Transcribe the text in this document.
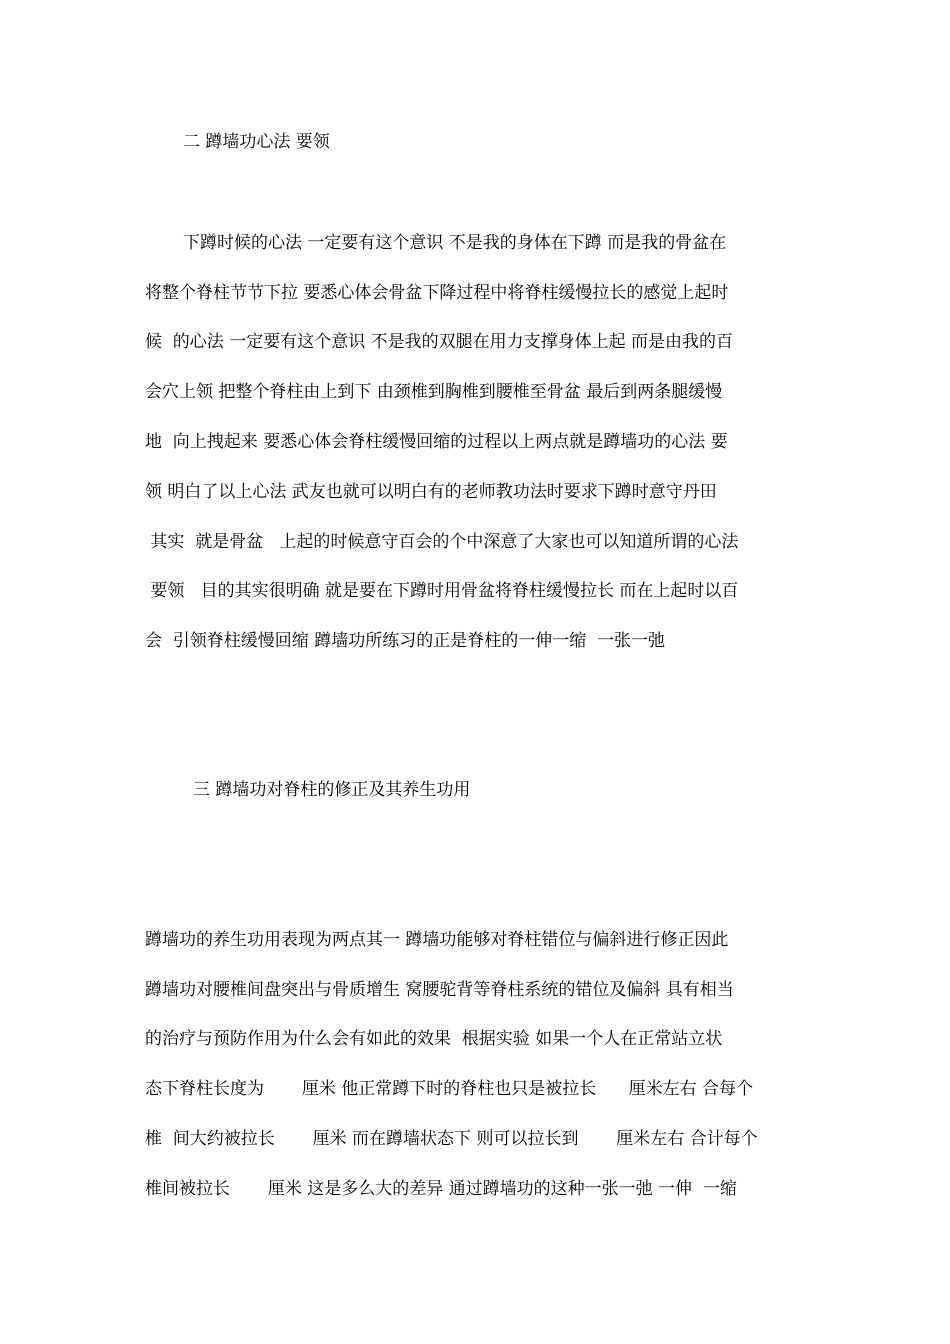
二 蹲墙功心法 要领
下蹲时候的心法 一定要有这个意识 不是我的身体在下蹲 而是我的骨盆在
将整个脊柱节节下拉 要悉心体会骨盆下降过程中将脊柱缓慢拉长的感觉上起时
候  的心法 一定要有这个意识 不是我的双腿在用力支撑身体上起 而是由我的百
会穴上领 把整个脊柱由上到下 由颈椎到胸椎到腰椎至骨盆 最后到两条腿缓慢
地  向上拽起来 要悉心体会脊柱缓慢回缩的过程以上两点就是蹲墙功的心法 要
领 明白了以上心法 武友也就可以明白有的老师教功法时要求下蹲时意守丹田
其实  就是骨盆   上起的时候意守百会的个中深意了大家也可以知道所谓的心法
要领   目的其实很明确 就是要在下蹲时用骨盆将脊柱缓慢拉长 而在上起时以百
会  引领脊柱缓慢回缩 蹲墙功所练习的正是脊柱的一伸一缩  一张一弛
三 蹲墙功对脊柱的修正及其养生功用
蹲墙功的养生功用表现为两点其一 蹲墙功能够对脊柱错位与偏斜进行修正因此
蹲墙功对腰椎间盘突出与骨质增生 窝腰驼背等脊柱系统的错位及偏斜 具有相当
的治疗与预防作用为什么会有如此的效果  根据实验 如果一个人在正常站立状
态下脊柱长度为       厘米 他正常蹲下时的脊柱也只是被拉长      厘米左右 合每个
椎  间大约被拉长       厘米 而在蹲墙状态下 则可以拉长到       厘米左右 合计每个
椎间被拉长       厘米 这是多么大的差异 通过蹲墙功的这种一张一弛 一伸  一缩
